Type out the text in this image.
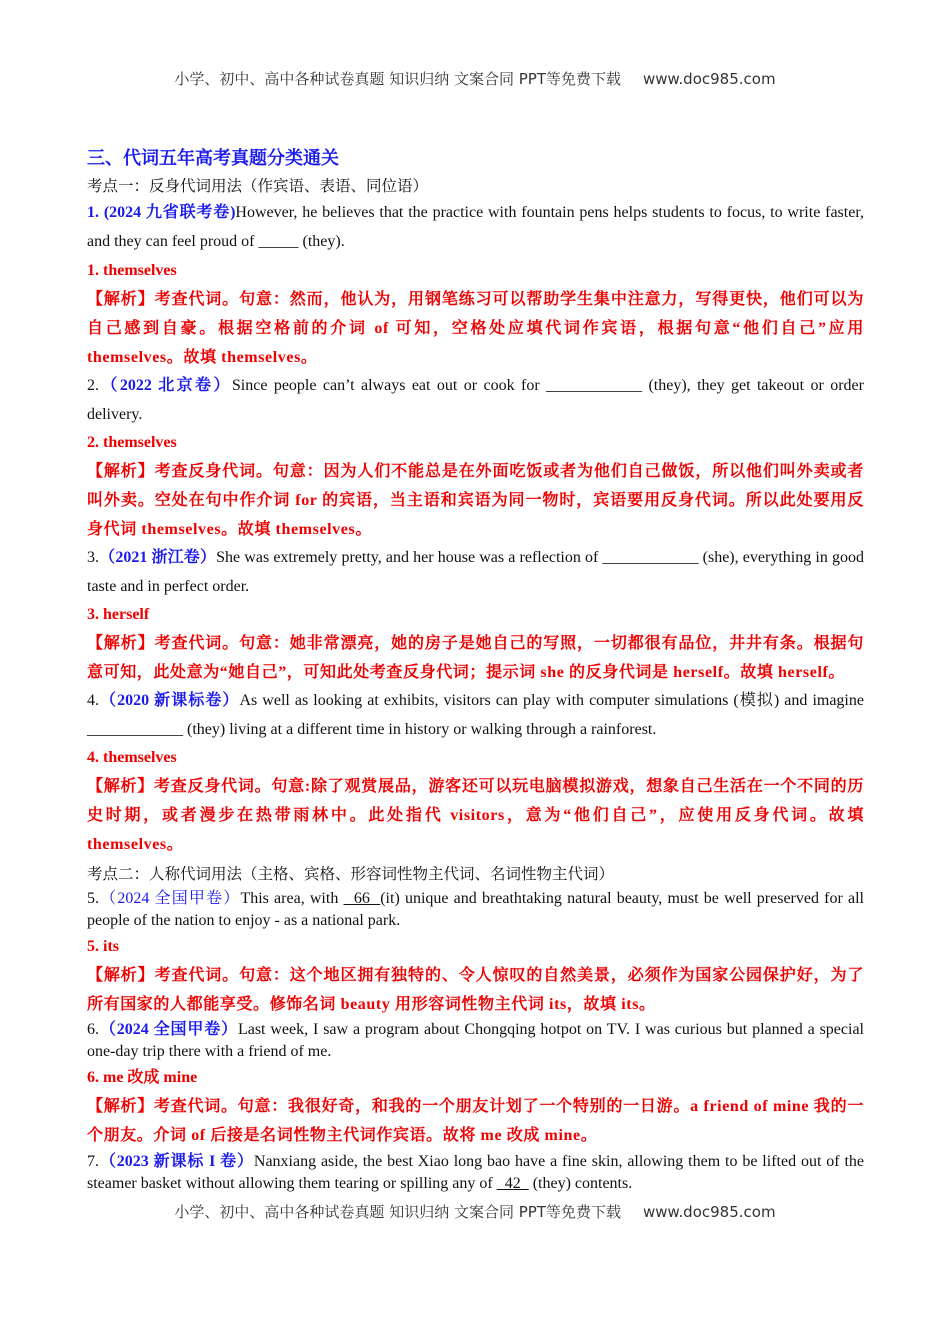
小学、初中、高中各种试卷真题 知识归纳 文案合同 PPT等免费下载 www.doc985.com
三、代词五年高考真题分类通关
考点一：反身代词用法（作宾语、表语、同位语）
1. (2024 九省联考卷)However, he believes that the practice with fountain pens helps students to focus, to write faster, and they can feel proud of _____ (they).
1. themselves
【解析】考查代词。句意：然而，他认为，用钢笔练习可以帮助学生集中注意力，写得更快，他们可以为自己感到自豪。根据空格前的介词 of 可知，空格处应填代词作宾语，根据句意“他们自己”应用 themselves。故填 themselves。
2.（2022 北京卷）Since people can’t always eat out or cook for ____________ (they), they get takeout or order delivery.
2. themselves
【解析】考查反身代词。句意：因为人们不能总是在外面吃饭或者为他们自己做饭，所以他们叫外卖或者叫外卖。空处在句中作介词 for 的宾语，当主语和宾语为同一物时，宾语要用反身代词。所以此处要用反身代词 themselves。故填 themselves。
3.（2021 浙江卷）She was extremely pretty, and her house was a reflection of ____________ (she), everything in good taste and in perfect order.
3. herself
【解析】考查代词。句意：她非常漂亮，她的房子是她自己的写照，一切都很有品位，井井有条。根据句意可知，此处意为“她自己”，可知此处考查反身代词；提示词 she 的反身代词是 herself。故填 herself。
4.（2020 新课标卷）As well as looking at exhibits, visitors can play with computer simulations (模拟) and imagine ____________ (they) living at a different time in history or walking through a rainforest.
4. themselves
【解析】考查反身代词。句意:除了观赏展品，游客还可以玩电脑模拟游戏，想象自己生活在一个不同的历史时期，或者漫步在热带雨林中。此处指代 visitors，意为“他们自己”，应使用反身代词。故填 themselves。
考点二：人称代词用法（主格、宾格、形容词性物主代词、名词性物主代词）
5.（2024 全国甲卷）This area, with   66  (it) unique and breathtaking natural beauty, must be well preserved for all people of the nation to enjoy - as a national park.
5. its
【解析】考查代词。句意：这个地区拥有独特的、令人惊叹的自然美景，必须作为国家公园保护好，为了所有国家的人都能享受。修饰名词 beauty 用形容词性物主代词 its，故填 its。
6.（2024 全国甲卷）Last week, I saw a program about Chongqing hotpot on TV. I was curious but planned a special one-day trip there with a friend of me.
6. me 改成 mine
【解析】考查代词。句意：我很好奇，和我的一个朋友计划了一个特别的一日游。a friend of mine 我的一个朋友。介词 of 后接是名词性物主代词作宾语。故将 me 改成 mine。
7.（2023 新课标 I 卷）Nanxiang aside, the best Xiao long bao have a fine skin, allowing them to be lifted out of the steamer basket without allowing them tearing or spilling any of   42   (they) contents.
小学、初中、高中各种试卷真题 知识归纳 文案合同 PPT等免费下载 www.doc985.com
